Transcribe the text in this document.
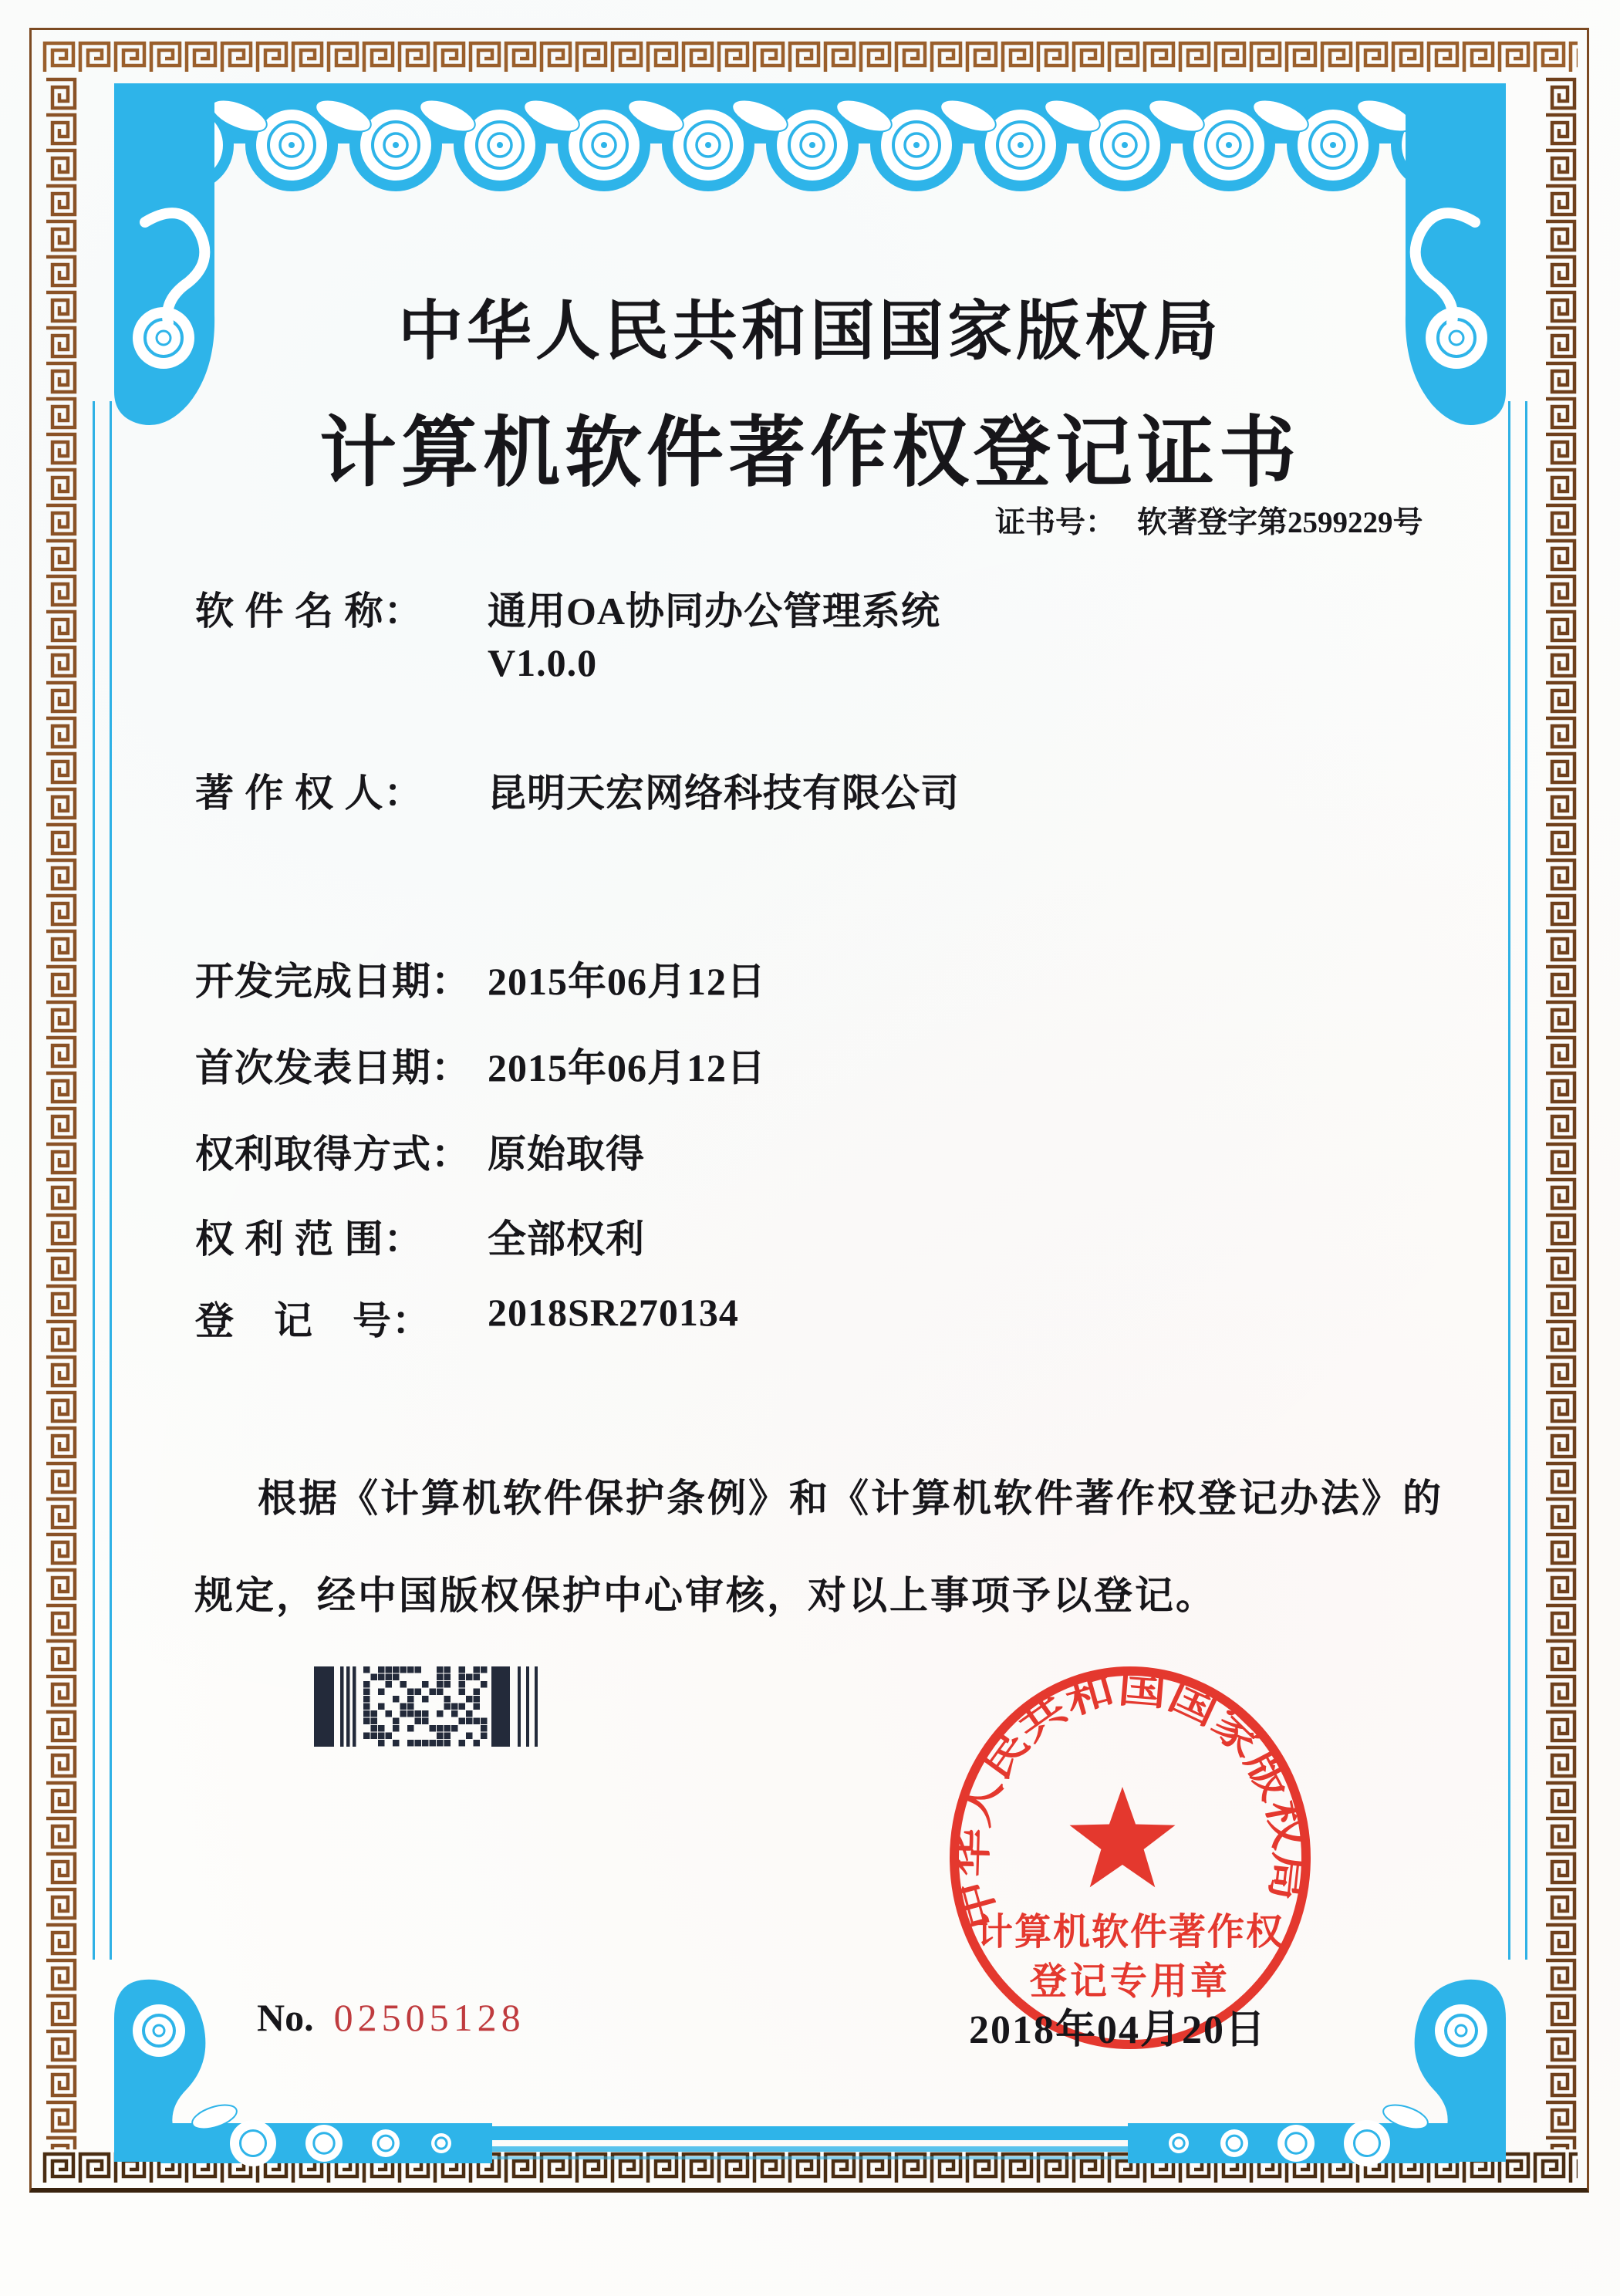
中华人民共和国国家版权局
计算机软件著作权登记证书
证书号： 软著登字第2599229号
软 件 名 称： 通用OA协同办公管理系统
V1.0.0
著 作 权 人： 昆明天宏网络科技有限公司
开发完成日期： 2015年06月12日
首次发表日期： 2015年06月12日
权利取得方式： 原始取得
权 利 范 围： 全部权利
登　记　号： 2018SR270134
根据《计算机软件保护条例》和《计算机软件著作权登记办法》的
规定，经中国版权保护中心审核，对以上事项予以登记。
中华人民共和国国家版权局
计算机软件著作权
登记专用章
2018年04月20日
No. 02505128
